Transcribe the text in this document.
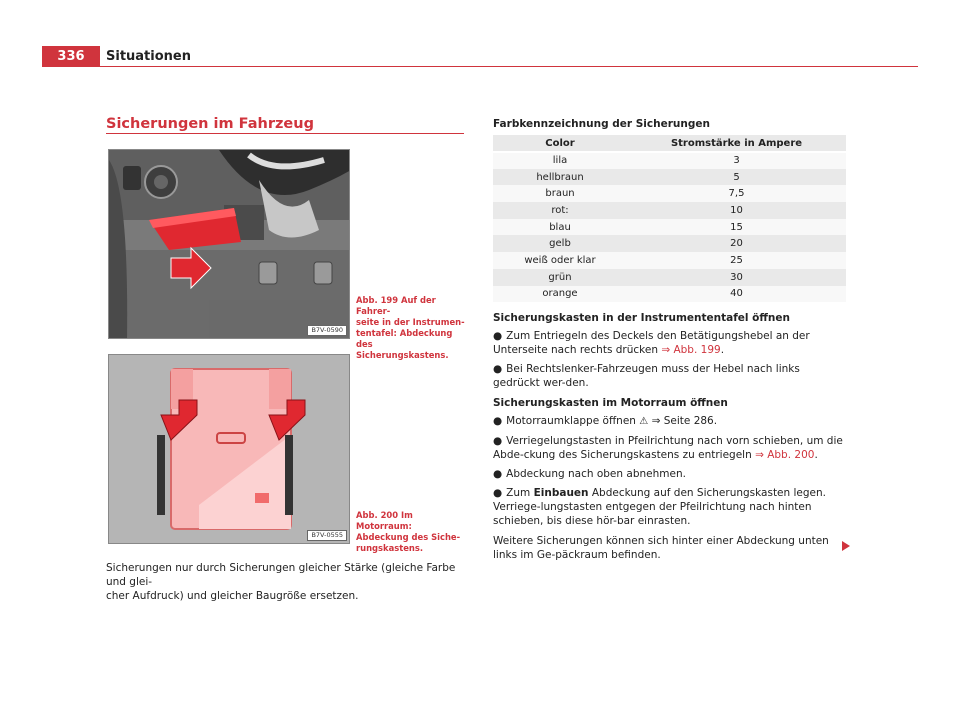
336	Situationen
Sicherungen im Fahrzeug
B7V-0590
Abb. 199 Auf der Fahrer-
seite in der Instrumen-
tentafel: Abdeckung des
Sicherungskastens.
B7V-0555
Abb. 200 Im Motorraum:
Abdeckung des Siche-
rungskastens.
Sicherungen nur durch Sicherungen gleicher Stärke (gleiche Farbe und glei-
cher Aufdruck) und gleicher Baugröße ersetzen.
Farbkennzeichnung der Sicherungen
Color	Stromstärke in Ampere
lila	3
hellbraun	5
braun	7,5
rot:	10
blau	15
gelb	20
weiß oder klar	25
grün	30
orange	40
Sicherungskasten in der Instrumententafel öffnen
● Zum Entriegeln des Deckels den Betätigungshebel an der Unterseite nach rechts drücken ⇒ Abb. 199.
● Bei Rechtslenker-Fahrzeugen muss der Hebel nach links gedrückt wer-den.
Sicherungskasten im Motorraum öffnen
● Motorraumklappe öffnen ⚠ ⇒ Seite 286.
● Verriegelungstasten in Pfeilrichtung nach vorn schieben, um die Abde-ckung des Sicherungskastens zu entriegeln ⇒ Abb. 200.
● Abdeckung nach oben abnehmen.
● Zum Einbauen Abdeckung auf den Sicherungskasten legen. Verriege-lungstasten entgegen der Pfeilrichtung nach hinten schieben, bis diese hör-bar einrasten.
Weitere Sicherungen können sich hinter einer Abdeckung unten links im Ge-päckraum befinden.
